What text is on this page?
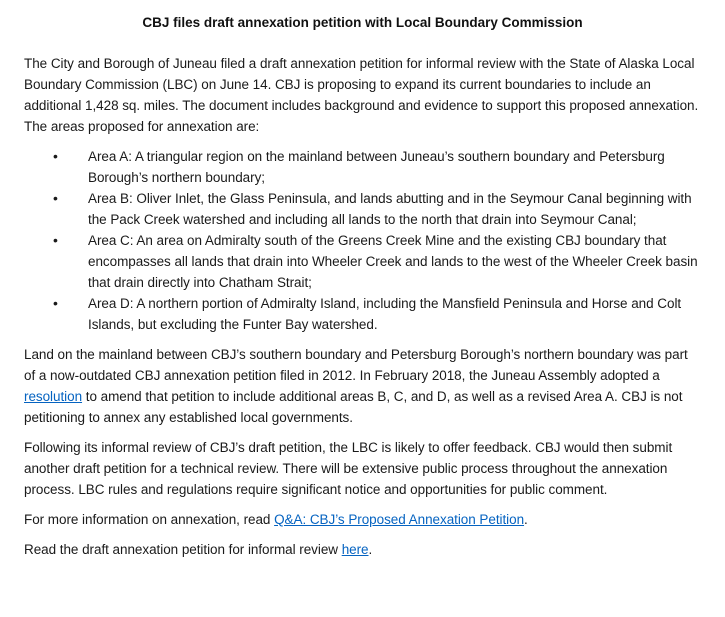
CBJ files draft annexation petition with Local Boundary Commission

The City and Borough of Juneau filed a draft annexation petition for informal review with the State of Alaska Local Boundary Commission (LBC) on June 14. CBJ is proposing to expand its current boundaries to include an additional 1,428 sq. miles. The document includes background and evidence to support this proposed annexation. The areas proposed for annexation are:

• Area A: A triangular region on the mainland between Juneau’s southern boundary and Petersburg Borough’s northern boundary;
• Area B: Oliver Inlet, the Glass Peninsula, and lands abutting and in the Seymour Canal beginning with the Pack Creek watershed and including all lands to the north that drain into Seymour Canal;
• Area C: An area on Admiralty south of the Greens Creek Mine and the existing CBJ boundary that encompasses all lands that drain into Wheeler Creek and lands to the west of the Wheeler Creek basin that drain directly into Chatham Strait;
• Area D: A northern portion of Admiralty Island, including the Mansfield Peninsula and Horse and Colt Islands, but excluding the Funter Bay watershed.

Land on the mainland between CBJ’s southern boundary and Petersburg Borough’s northern boundary was part of a now-outdated CBJ annexation petition filed in 2012. In February 2018, the Juneau Assembly adopted a resolution to amend that petition to include additional areas B, C, and D, as well as a revised Area A. CBJ is not petitioning to annex any established local governments.

Following its informal review of CBJ’s draft petition, the LBC is likely to offer feedback. CBJ would then submit another draft petition for a technical review. There will be extensive public process throughout the annexation process. LBC rules and regulations require significant notice and opportunities for public comment.

For more information on annexation, read Q&A: CBJ’s Proposed Annexation Petition.

Read the draft annexation petition for informal review here.
